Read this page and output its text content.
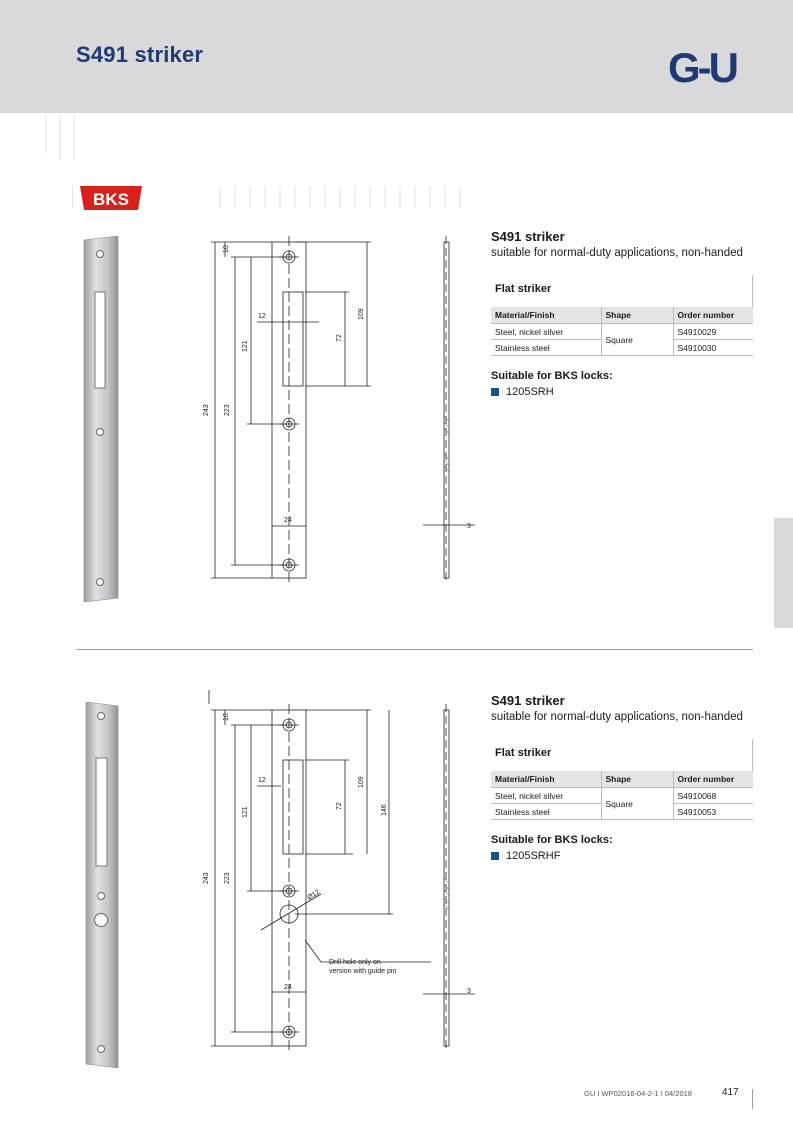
S491 striker	G-U
BKS
10
12
121
72
109
243 223
24
3
S491 striker
suitable for normal-duty applications, non-handed
Flat striker
Material/Finish	Shape	Order number
Steel, nickel silver	Square	S4910029
Stainless steel		S4910030
Suitable for BKS locks:
1205SRH
10
12
121
72
109
146
243 223
Ø12
Drill hole only on
version with guide pin
24
3
S491 striker
suitable for normal-duty applications, non-handed
Flat striker
Material/Finish	Shape	Order number
Steel, nickel silver	Square	S4910068
Stainless steel		S4910053
Suitable for BKS locks:
1205SRHF
GU I WP02016-04-2-1 I 04/2018	417
